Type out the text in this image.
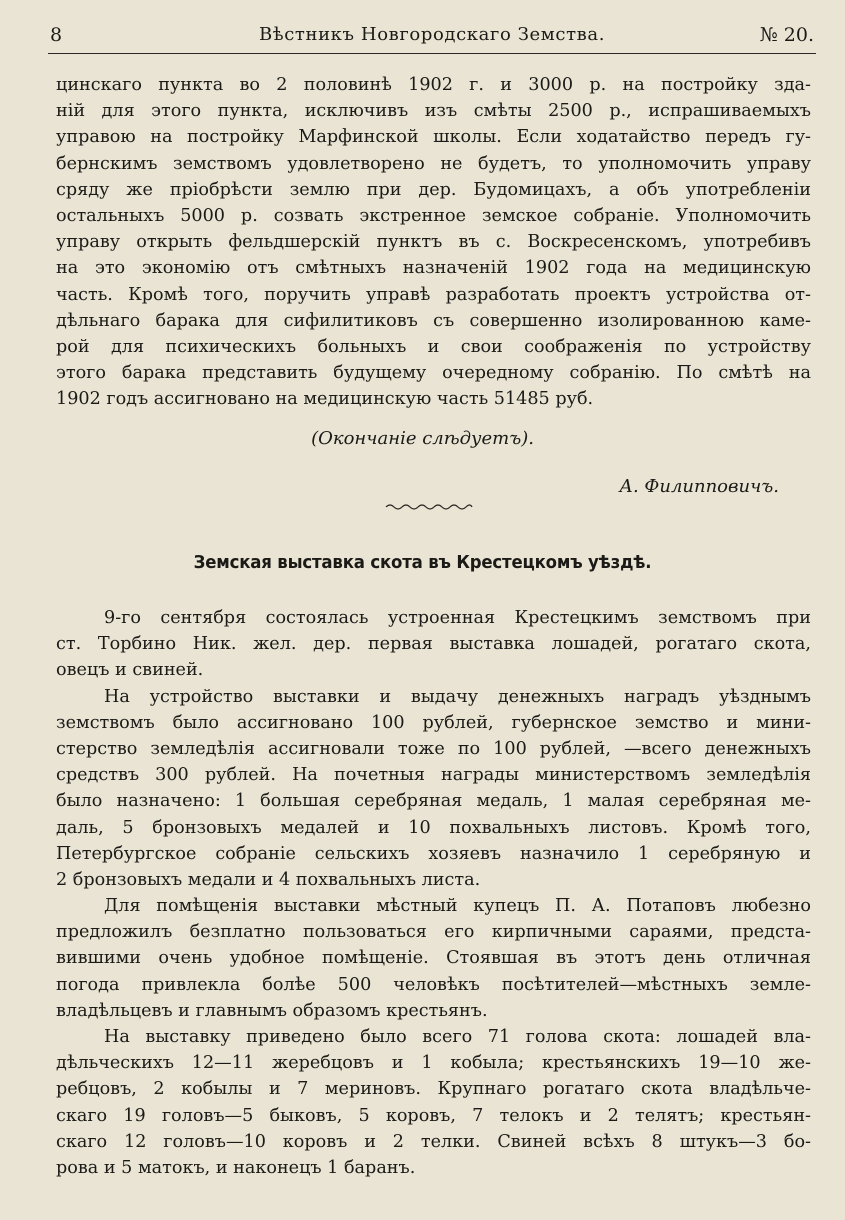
8	Вѣстникъ Новгородскаго Земства.	№ 20.
цинскаго пункта во 2 половинѣ 1902 г. и 3000 р. на постройку зда-
ній для этого пункта, исключивъ изъ смѣты 2500 р., испрашиваемыхъ
управою на постройку Марфинской школы. Если ходатайство передъ гу-
бернскимъ земствомъ удовлетворено не будетъ, то уполномочить управу
сряду же пріобрѣсти землю при дер. Будомицахъ, а объ употребленіи
остальныхъ 5000 р. созвать экстренное земское собраніе. Уполномочить
управу открыть фельдшерскій пунктъ въ с. Воскресенскомъ, употребивъ
на это экономію отъ смѣтныхъ назначеній 1902 года на медицинскую
часть. Кромѣ того, поручить управѣ разработать проектъ устройства от-
дѣльнаго барака для сифилитиковъ съ совершенно изолированною каме-
рой для психическихъ больныхъ и свои соображенія по устройству
этого барака представить будущему очередному собранію. По смѣтѣ на
1902 годъ ассигновано на медицинскую часть 51485 руб.
(Окончаніе слѣдуетъ).
А. Филипповичъ.
Земская выставка скота въ Крестецкомъ уѣздѣ.
9-го сентября состоялась устроенная Крестецкимъ земствомъ при
ст. Торбино Ник. жел. дер. первая выставка лошадей, рогатаго скота,
овецъ и свиней.
На устройство выставки и выдачу денежныхъ наградъ уѣзднымъ
земствомъ было ассигновано 100 рублей, губернское земство и мини-
стерство земледѣлія ассигновали тоже по 100 рублей, —всего денежныхъ
средствъ 300 рублей. На почетныя награды министерствомъ земледѣлія
было назначено: 1 большая серебряная медаль, 1 малая серебряная ме-
даль, 5 бронзовыхъ медалей и 10 похвальныхъ листовъ. Кромѣ того,
Петербургское собраніе сельскихъ хозяевъ назначило 1 серебряную и
2 бронзовыхъ медали и 4 похвальныхъ листа.
Для помѣщенія выставки мѣстный купецъ П. А. Потаповъ любезно
предложилъ безплатно пользоваться его кирпичными сараями, предста-
вившими очень удобное помѣщеніе. Стоявшая въ этотъ день отличная
погода привлекла болѣе 500 человѣкъ посѣтителей—мѣстныхъ земле-
владѣльцевъ и главнымъ образомъ крестьянъ.
На выставку приведено было всего 71 голова скота: лошадей вла-
дѣльческихъ 12—11 жеребцовъ и 1 кобыла; крестьянскихъ 19—10 же-
ребцовъ, 2 кобылы и 7 мериновъ. Крупнаго рогатаго скота владѣльче-
скаго 19 головъ—5 быковъ, 5 коровъ, 7 телокъ и 2 телятъ; крестьян-
скаго 12 головъ—10 коровъ и 2 телки. Свиней всѣхъ 8 штукъ—3 бо-
рова и 5 матокъ, и наконецъ 1 баранъ.
